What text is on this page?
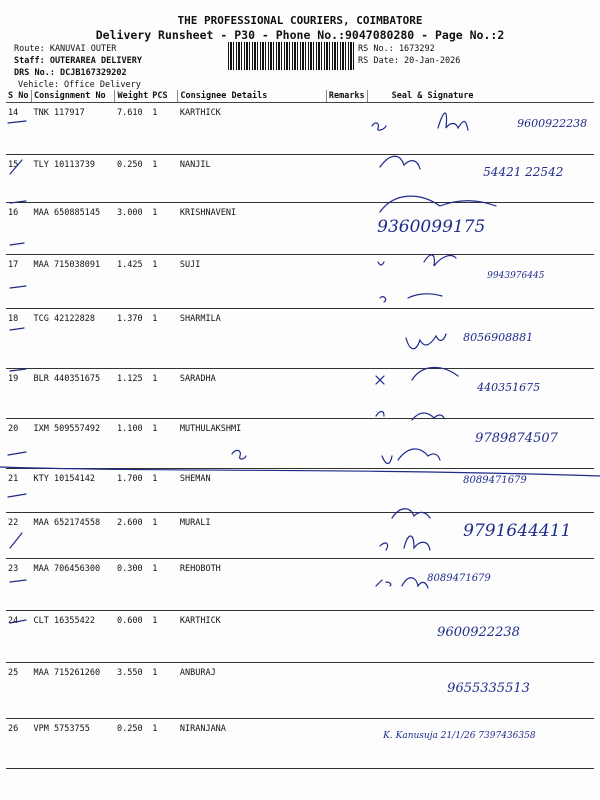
THE PROFESSIONAL COURIERS, COIMBATORE
Delivery Runsheet - P30 - Phone No.:9047080280 - Page No.:2
Route: KANUVAI OUTER
Staff: OUTERAREA DELIVERY
DRS No.: DCJB167329202
Vehicle: Office Delivery
RS No.: 1673292
RS Date: 20-Jan-2026
S No	Consignment No	Weight	PCS	Consignee Details	Remarks	Seal & Signature
14	TNK 117917	7.610	1	KARTHICK		9600922238
15	TLY 10113739	0.250	1	NANJIL		54421 22542
16	MAA 650885145	3.000	1	KRISHNAVENI		9360099175
17	MAA 715038091	1.425	1	SUJI		9943976445
18	TCG 42122828	1.370	1	SHARMILA		8056908881
19	BLR 440351675	1.125	1	SARADHA		440351675
20	IXM 509557492	1.100	1	MUTHULAKSHMI		9789874507
21	KTY 10154142	1.700	1	SHEMAN		8089471679
22	MAA 652174558	2.600	1	MURALI		9791644411
23	MAA 706456300	0.300	1	REHOBOTH		8089471679
24	CLT 16355422	0.600	1	KARTHICK		9600922238
25	MAA 715261260	3.550	1	ANBURAJ		9655335513
26	VPM 5753755	0.250	1	NIRANJANA		K. Kanusuja 21/1/26 7397436358
